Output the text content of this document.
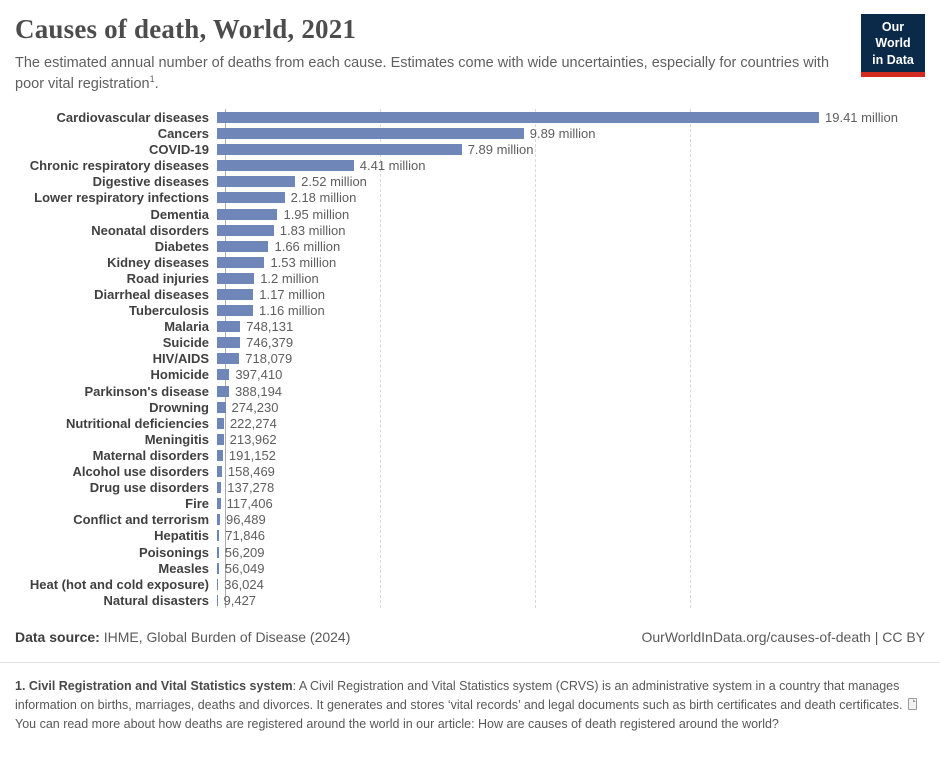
Causes of death, World, 2021
The estimated annual number of deaths from each cause. Estimates come with wide uncertainties, especially for countries with poor vital registration$^1$.
Our World
in Data
Cardiovascular diseases	19.41 million
Cancers	9.89 million
COVID-19	7.89 million
Chronic respiratory diseases	4.41 million
Digestive diseases	2.52 million
Lower respiratory infections	2.18 million
Dementia	1.95 million
Neonatal disorders	1.83 million
Diabetes	1.66 million
Kidney diseases	1.53 million
Road injuries	1.2 million
Diarrheal diseases	1.17 million
Tuberculosis	1.16 million
Malaria	748,131
Suicide	746,379
HIV/AIDS	718,079
Homicide	397,410
Parkinson's disease	388,194
Drowning	274,230
Nutritional deficiencies	222,274
Meningitis	213,962
Maternal disorders	191,152
Alcohol use disorders	158,469
Drug use disorders	137,278
Fire	117,406
Conflict and terrorism	96,489
Hepatitis	71,846
Poisonings	56,209
Measles	56,049
Heat (hot and cold exposure)	36,024
Natural disasters	9,427
Data source: IHME, Global Burden of Disease (2024)	OurWorldInData.org/causes-of-death | CC BY
1. Civil Registration and Vital Statistics system: A Civil Registration and Vital Statistics system (CRVS) is an administrative system in a country that manages information on births, marriages, deaths and divorces. It generates and stores ‘vital records’ and legal documents such as birth certificates and death certificates.  You can read more about how deaths are registered around the world in our article: How are causes of death registered around the world?
